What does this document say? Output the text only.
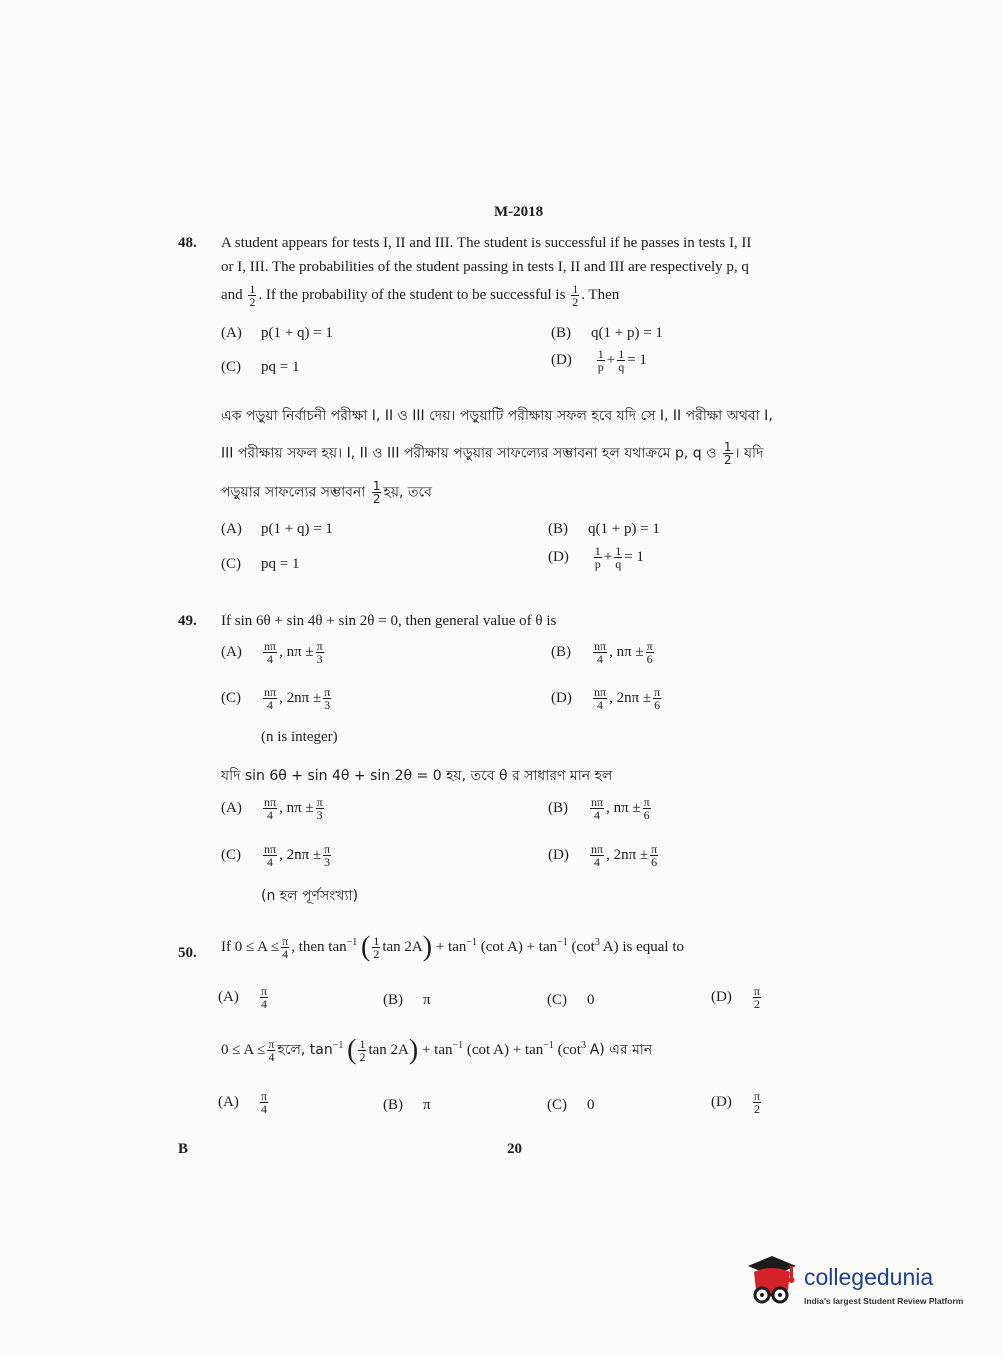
M-2018
48. A student appears for tests I, II and III. The student is successful if he passes in tests I, II
or I, III. The probabilities of the student passing in tests I, II and III are respectively p, q
and $\frac{1}{2}$ . If the probability of the student to be successful is $\frac{1}{2}$ . Then
(A) p(1 + q) = 1	(B) q(1 + p) = 1
(C) pq = 1	$(D) \frac{1}{p} + \frac{1}{q} = 1$
এক পড়ুয়া নির্বাচনী পরীক্ষা I, II ও III দেয়। পড়ুয়াটি পরীক্ষায় সফল হবে যদি সে I, II পরীক্ষা অথবা I,
III পরীক্ষায় সফল হয়। I, II ও III পরীক্ষায় পড়ুয়ার সাফল্যের সম্ভাবনা হল যথাক্রমে p, q ও $\frac{1}{2}$ । যদি
পড়ুয়ার সাফল্যের সম্ভাবনা $\frac{1}{2}$ হয়, তবে
(A) p(1 + q) = 1	(B) q(1 + p) = 1
(C) pq = 1	$(D) \frac{1}{p} + \frac{1}{q} = 1$
49. If sin 6θ + sin 4θ + sin 2θ = 0, then general value of θ is
$(A) \frac{n\pi}{4}$ , $n\pi \pm \frac{\pi}{3}$	$(B) \frac{n\pi}{4}$ , $n\pi \pm \frac{\pi}{6}$
$(C) \frac{n\pi}{4}$ , $2n\pi \pm \frac{\pi}{3}$	$(D) \frac{n\pi}{4}$ , $2n\pi \pm \frac{\pi}{6}$
(n is integer)
যদি sin 6θ + sin 4θ + sin 2θ = 0 হয়, তবে θ র সাধারণ মান হল
$(A) \frac{n\pi}{4}$ , $n\pi \pm \frac{\pi}{3}$	$(B) \frac{n\pi}{4}$ , $n\pi \pm \frac{\pi}{6}$
$(C) \frac{n\pi}{4}$ , $2n\pi \pm \frac{\pi}{3}$	$(D) \frac{n\pi}{4}$ , $2n\pi \pm \frac{\pi}{6}$
(n হল পূর্ণসংখ্যা)
50. If $0 \le A \le \frac{\pi}{4}$ , then $\tan^{-1}$ ( $\frac{1}{2}$ $\tan 2A) + \tan^{-1} (\cot$ $A) + \tan^{-1} (\cot^3$ A) is equal to
$(A) \frac{\pi}{4}$	(B) π	(C) 0	$(D) \frac{\pi}{2}$
$0 \le A \le \frac{\pi}{4}$ হলে, $\tan^{-1}$ ( $\frac{1}{2}$ $\tan 2A) + \tan^{-1} (\cot$ $A) + \tan^{-1} (\cot^3$ A) এর মান
$(A) \frac{\pi}{4}$	(B) π	(C) 0	$(D) \frac{\pi}{2}$
B	20
collegedunia
India's largest Student Review Platform
